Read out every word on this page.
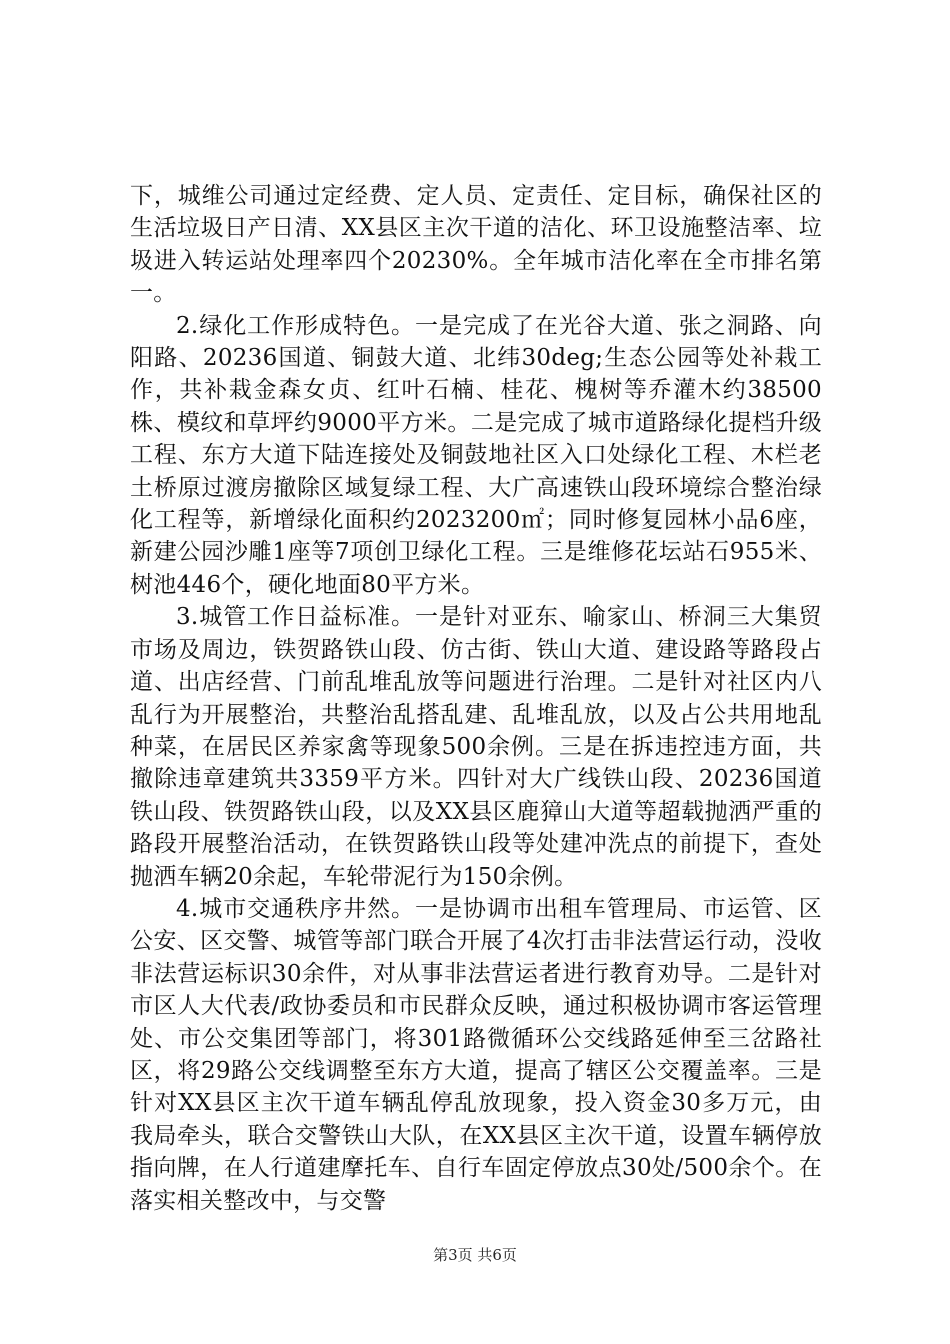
下，城维公司通过定经费、定人员、定责任、定目标，确保社区的生活垃圾日产日清、XX县区主次干道的洁化、环卫设施整洁率、垃圾进入转运站处理率四个20230%。全年城市洁化率在全市排名第一。

2.绿化工作形成特色。一是完成了在光谷大道、张之洞路、向阳路、20236国道、铜鼓大道、北纬30deg;生态公园等处补栽工作，共补栽金森女贞、红叶石楠、桂花、槐树等乔灌木约38500株、模纹和草坪约9000平方米。二是完成了城市道路绿化提档升级工程、东方大道下陆连接处及铜鼓地社区入口处绿化工程、木栏老土桥原过渡房撤除区域复绿工程、大广高速铁山段环境综合整治绿化工程等，新增绿化面积约2023200㎡；同时修复园林小品6座，新建公园沙雕1座等7项创卫绿化工程。三是维修花坛站石955米、树池446个，硬化地面80平方米。

3.城管工作日益标准。一是针对亚东、喻家山、桥洞三大集贸市场及周边，铁贺路铁山段、仿古街、铁山大道、建设路等路段占道、出店经营、门前乱堆乱放等问题进行治理。二是针对社区内八乱行为开展整治，共整治乱搭乱建、乱堆乱放，以及占公共用地乱种菜，在居民区养家禽等现象500余例。三是在拆违控违方面，共撤除违章建筑共3359平方米。四针对大广线铁山段、20236国道铁山段、铁贺路铁山段，以及XX县区鹿獐山大道等超载抛洒严重的路段开展整治活动，在铁贺路铁山段等处建冲洗点的前提下，查处抛洒车辆20余起，车轮带泥行为150余例。

4.城市交通秩序井然。一是协调市出租车管理局、市运管、区公安、区交警、城管等部门联合开展了4次打击非法营运行动，没收非法营运标识30余件，对从事非法营运者进行教育劝导。二是针对市区人大代表/政协委员和市民群众反映，通过积极协调市客运管理处、市公交集团等部门，将301路微循环公交线路延伸至三岔路社区，将29路公交线调整至东方大道，提高了辖区公交覆盖率。三是针对XX县区主次干道车辆乱停乱放现象，投入资金30多万元，由我局牵头，联合交警铁山大队，在XX县区主次干道，设置车辆停放指向牌，在人行道建摩托车、自行车固定停放点30处/500余个。在落实相关整改中，与交警

第3页 共6页
